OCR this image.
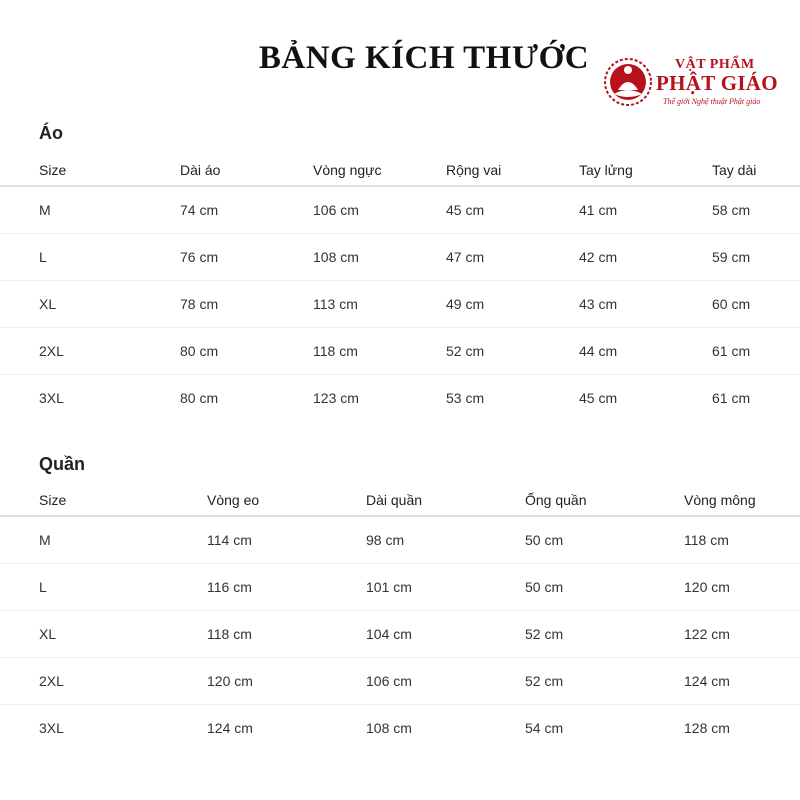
BẢNG KÍCH THƯỚC	VẬT PHẨM
PHẬT GIÁO
Thế giới Nghệ thuật Phật giáo
Áo
Size	Dài áo	Vòng ngực	Rộng vai	Tay lửng	Tay dài
M	74 cm	106 cm	45 cm	41 cm	58 cm
L	76 cm	108 cm	47 cm	42 cm	59 cm
XL	78 cm	113 cm	49 cm	43 cm	60 cm
2XL	80 cm	118 cm	52 cm	44 cm	61 cm
3XL	80 cm	123 cm	53 cm	45 cm	61 cm
Quần
Size	Vòng eo	Dài quần	Ống quần	Vòng mông
M	114 cm	98 cm	50 cm	118 cm
L	116 cm	101 cm	50 cm	120 cm
XL	118 cm	104 cm	52 cm	122 cm
2XL	120 cm	106 cm	52 cm	124 cm
3XL	124 cm	108 cm	54 cm	128 cm
